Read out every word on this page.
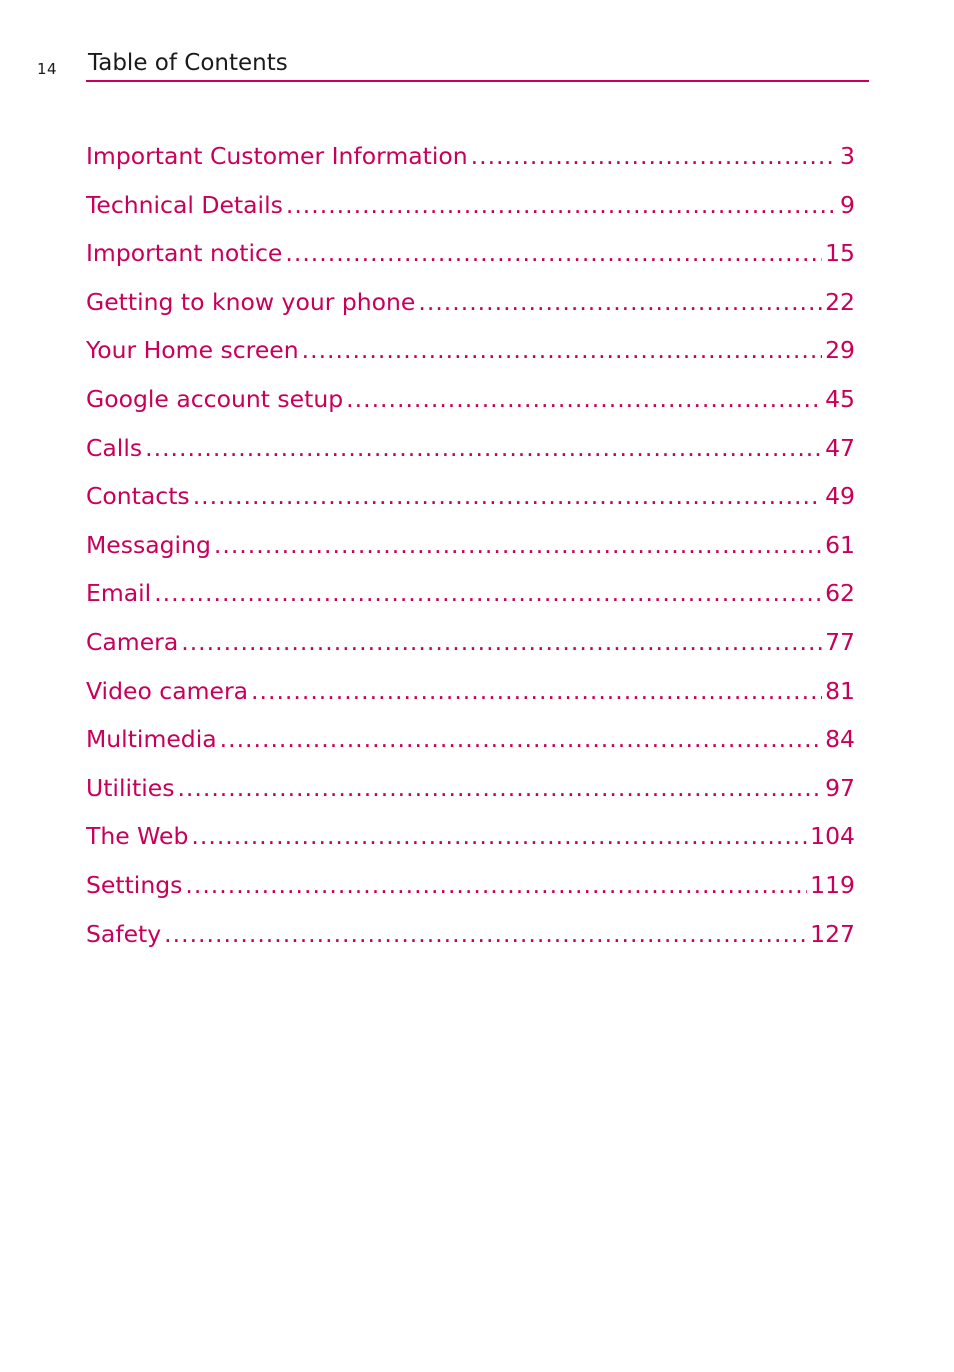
14 Table of Contents
Important Customer Information .....	3
Technical Details .....	9
Important notice .....	15
Getting to know your phone .....	22
Your Home screen .....	29
Google account setup .....	45
Calls .....	47
Contacts .....	49
Messaging .....	61
Email .....	62
Camera .....	77
Video camera .....	81
Multimedia .....	84
Utilities .....	97
The Web .....	104
Settings .....	119
Safety .....	127
